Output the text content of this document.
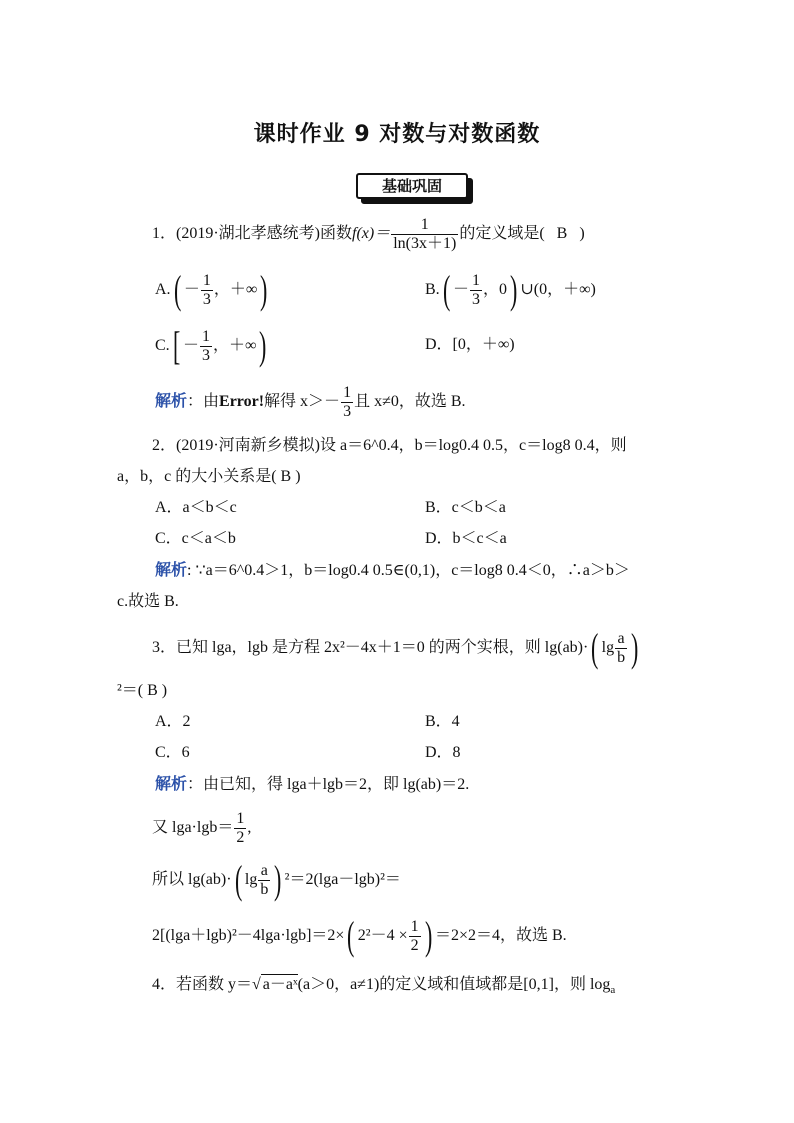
课时作业 9 对数与对数函数
基础巩固
1．(2019·湖北孝感统考)函数$f(x)= \frac{1}{\ln(3x+1)}$ 的定义域是( B )
$A.( - \frac{1}{3}$ ，＋∞)	$B.( - \frac{1}{3}$ ，0) ∪(0，＋∞)
$C.[ - \frac{1}{3}$ ，＋∞)	D．[0，＋∞)
解析：由Error!解得 $x>- \frac{1}{3}$ 且 x≠0，故选 B.
2．(2019·河南新乡模拟)设 a＝6^0.4，b＝log0.4 0.5，c＝log8 0.4，则
a，b，c 的大小关系是( B )
A．a＜b＜c	B．c＜b＜a
C．c＜a＜b	D．b＜c＜a
解析: ∵a＝6^0.4＞1，b＝log0.4 0.5∈(0,1)，c＝log8 0.4＜0，∴a＞b＞
c.故选 B.
3．已知 lga，lgb 是方程 2x²－4x＋1＝0 的两个实根，则 lg(ab)·( $\lg \frac{a}{b}$ )
²＝( B )
A．2	B．4
C．6	D．8
解析：由已知，得 lga＋lgb＝2，即 lg(ab)＝2.
又 $\lg a\cdot\lg b= \frac{1}{2}$ ,
所以 lg(ab)·( $\lg \frac{a}{b}$ ) ²＝2(lga－lgb)²＝
2[(lga＋lgb)²－4lga·lgb]＝2×( $2^2-4 \times \frac{1}{2}$ ) ＝2×2＝4，故选 B.
4．若函数 y＝√ a－aˣ(a＞0，a≠1)的定义域和值域都是[0,1]，则 $\log_a$
